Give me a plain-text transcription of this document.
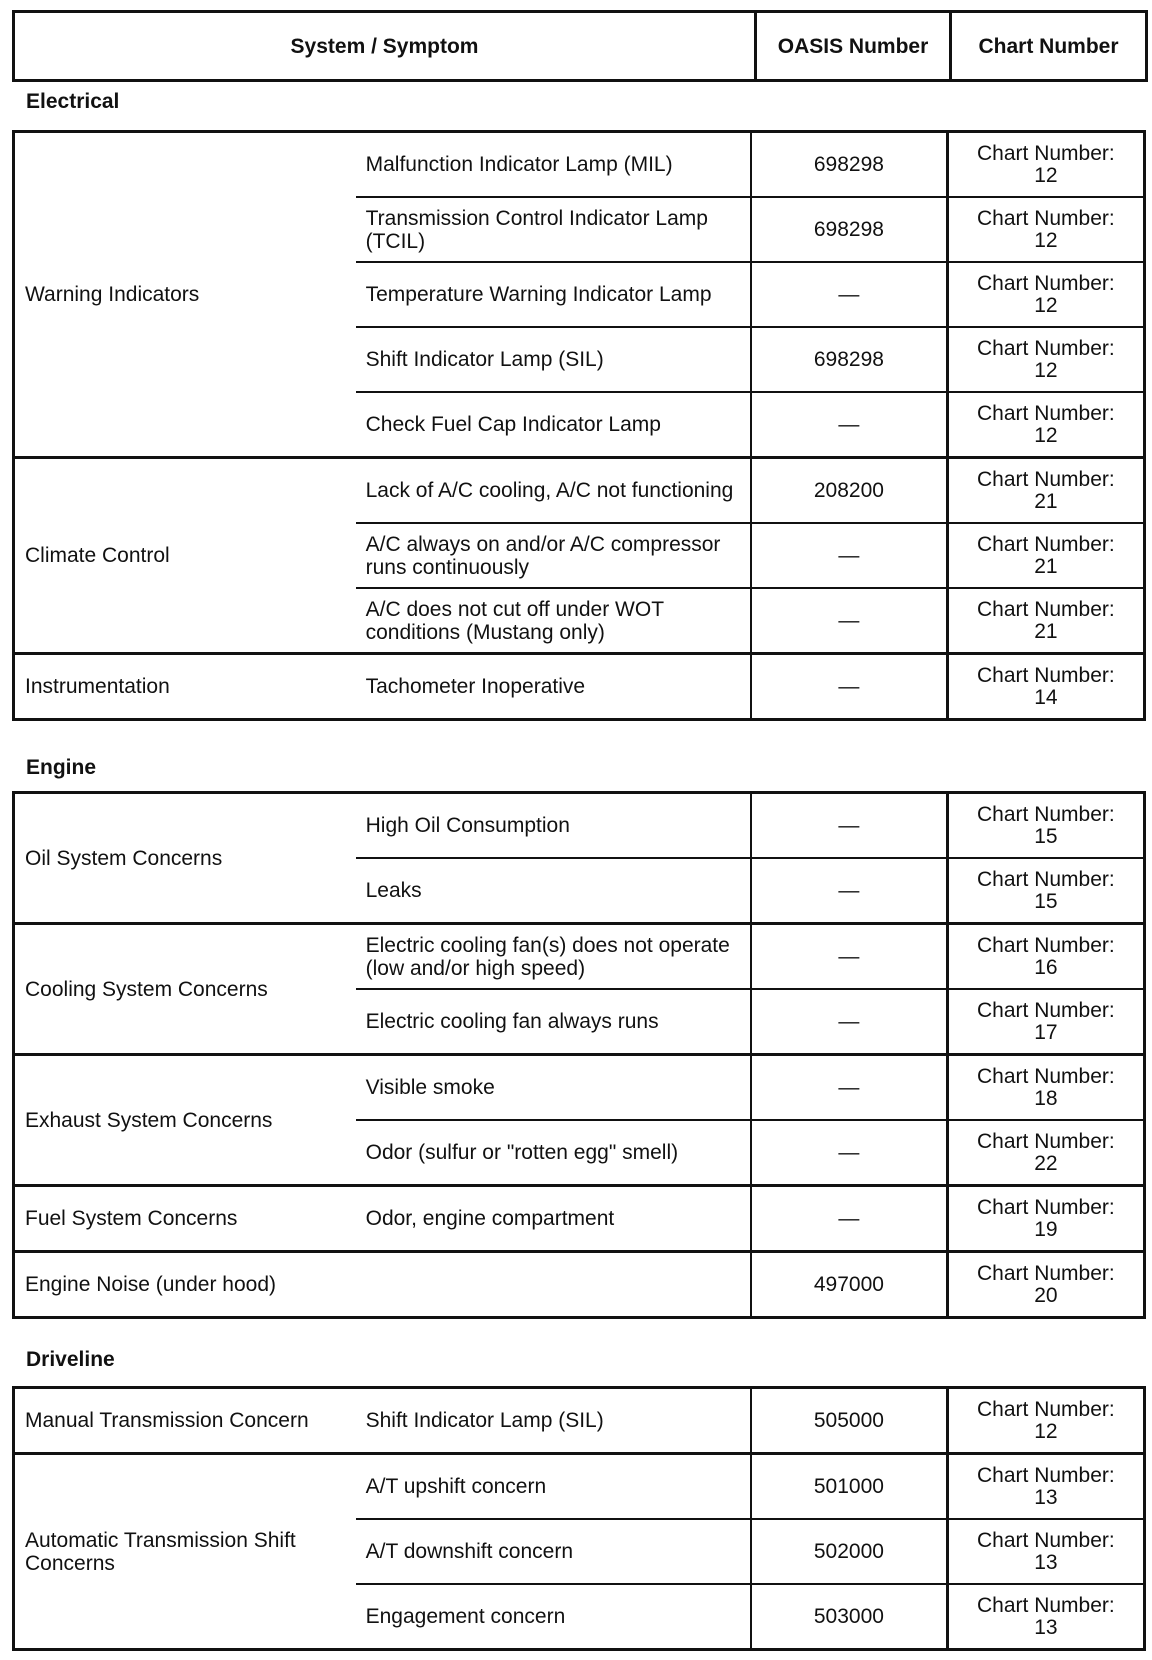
System / Symptom	OASIS Number	Chart Number
Electrical
Warning Indicators	Malfunction Indicator Lamp (MIL)	698298	Chart Number:
12

	Transmission Control Indicator Lamp (TCIL)	698298	Chart Number:
12

	Temperature Warning Indicator Lamp	—	Chart Number:
12

	Shift Indicator Lamp (SIL)	698298	Chart Number:
12

	Check Fuel Cap Indicator Lamp	—	Chart Number:
12

Climate Control	Lack of A/C cooling, A/C not functioning	208200	Chart Number:
21

	A/C always on and/or A/C compressor runs continuously	—	Chart Number:
21

	A/C does not cut off under WOT conditions (Mustang only)	—	Chart Number:
21

Instrumentation	Tachometer Inoperative	—	Chart Number:
14
Engine
Oil System Concerns	High Oil Consumption	—	Chart Number:
15

	Leaks	—	Chart Number:
15

Cooling System Concerns	Electric cooling fan(s) does not operate (low and/or high speed)	—	Chart Number:
16

	Electric cooling fan always runs	—	Chart Number:
17

Exhaust System Concerns	Visible smoke	—	Chart Number:
18

	Odor (sulfur or "rotten egg" smell)	—	Chart Number:
22

Fuel System Concerns	Odor, engine compartment	—	Chart Number:
19

Engine Noise (under hood)		497000	Chart Number:
20
Driveline
Manual Transmission Concern	Shift Indicator Lamp (SIL)	505000	Chart Number:
12

Automatic Transmission Shift Concerns	A/T upshift concern	501000	Chart Number:
13

	A/T downshift concern	502000	Chart Number:
13

	Engagement concern	503000	Chart Number:
13
